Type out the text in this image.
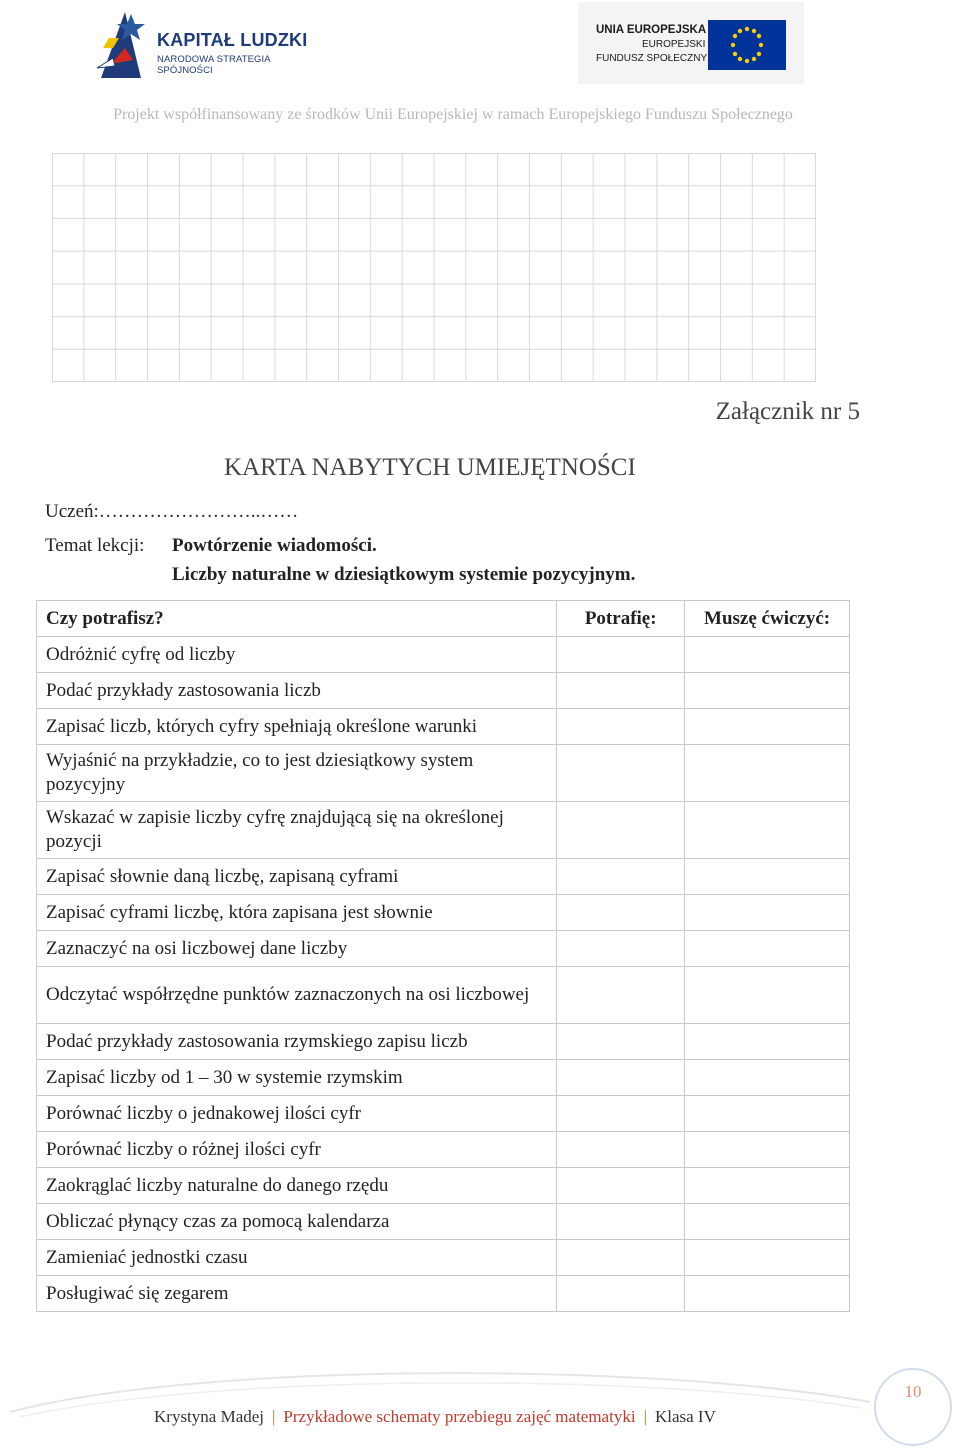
KAPITAŁ LUDZKI
NARODOWA STRATEGIA SPÓJNOŚCI
UNIA EUROPEJSKA
EUROPEJSKI
FUNDUSZ SPOŁECZNY
Projekt współfinansowany ze środków Unii Europejskiej w ramach Europejskiego Funduszu Społecznego
Załącznik nr 5
KARTA NABYTYCH UMIEJĘTNOŚCI
Uczeń:……………………..……
Temat lekcji: Powtórzenie wiadomości.
Liczby naturalne w dziesiątkowym systemie pozycyjnym.
Czy potrafisz?	Potrafię:	Muszę ćwiczyć:
Odróżnić cyfrę od liczby		
Podać przykłady zastosowania liczb		
Zapisać liczb, których cyfry spełniają określone warunki		
Wyjaśnić na przykładzie, co to jest dziesiątkowy system pozycyjny		
Wskazać w zapisie liczby cyfrę znajdującą się na określonej pozycji		
Zapisać słownie daną liczbę, zapisaną cyframi		
Zapisać cyframi liczbę, która zapisana jest słownie		
Zaznaczyć na osi liczbowej dane liczby		
Odczytać współrzędne punktów zaznaczonych na osi liczbowej		
Podać przykłady zastosowania rzymskiego zapisu liczb		
Zapisać liczby od 1 – 30 w systemie rzymskim		
Porównać liczby o jednakowej ilości cyfr		
Porównać liczby o różnej ilości cyfr		
Zaokrąglać liczby naturalne do danego rzędu		
Obliczać płynący czas za pomocą kalendarza		
Zamieniać jednostki czasu		
Posługiwać się zegarem		
Krystyna Madej | Przykładowe schematy przebiegu zajęć matematyki | Klasa IV
10
